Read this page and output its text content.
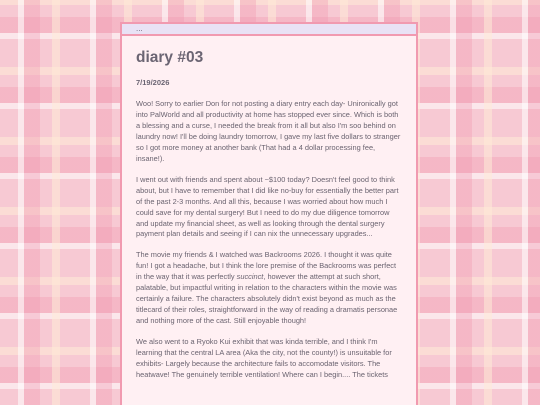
...
diary #03
7/19/2026

Woo! Sorry to earlier Don for not posting a diary entry each day- Unironically got into PalWorld and all productivity at home has stopped ever since. Which is both a blessing and a curse, I needed the break from it all but also I'm soo behind on laundry now! I'll be doing laundry tomorrow, I gave my last five dollars to stranger so I got more money at another bank (That had a 4 dollar processing fee, insane!).

I went out with friends and spent about ~$100 today? Doesn't feel good to think about, but I have to remember that I did like no-buy for essentially the better part of the past 2-3 months. And all this, because I was worried about how much I could save for my dental surgery! But I need to do my due diligence tomorrow and update my financial sheet, as well as looking through the dental surgery payment plan details and seeing if I can nix the unnecessary upgrades...

The movie my friends & I watched was Backrooms 2026. I thought it was quite fun! I got a headache, but I think the lore premise of the Backrooms was perfect in the way that it was perfectly succinct, however the attempt at such short, palatable, but impactful writing in relation to the characters within the movie was certainly a failure. The characters absolutely didn't exist beyond as much as the titlecard of their roles, straightforward in the way of reading a dramatis personae and nothing more of the cast. Still enjoyable though!

We also went to a Ryoko Kui exhibit that was kinda terrible, and I think I'm learning that the central LA area (Aka the city, not the county!) is unsuitable for exhibits- Largely because the architecture fails to accomodate visitors. The heatwave! The genuinely terrible ventilation! Where can I begin.... The tickets
